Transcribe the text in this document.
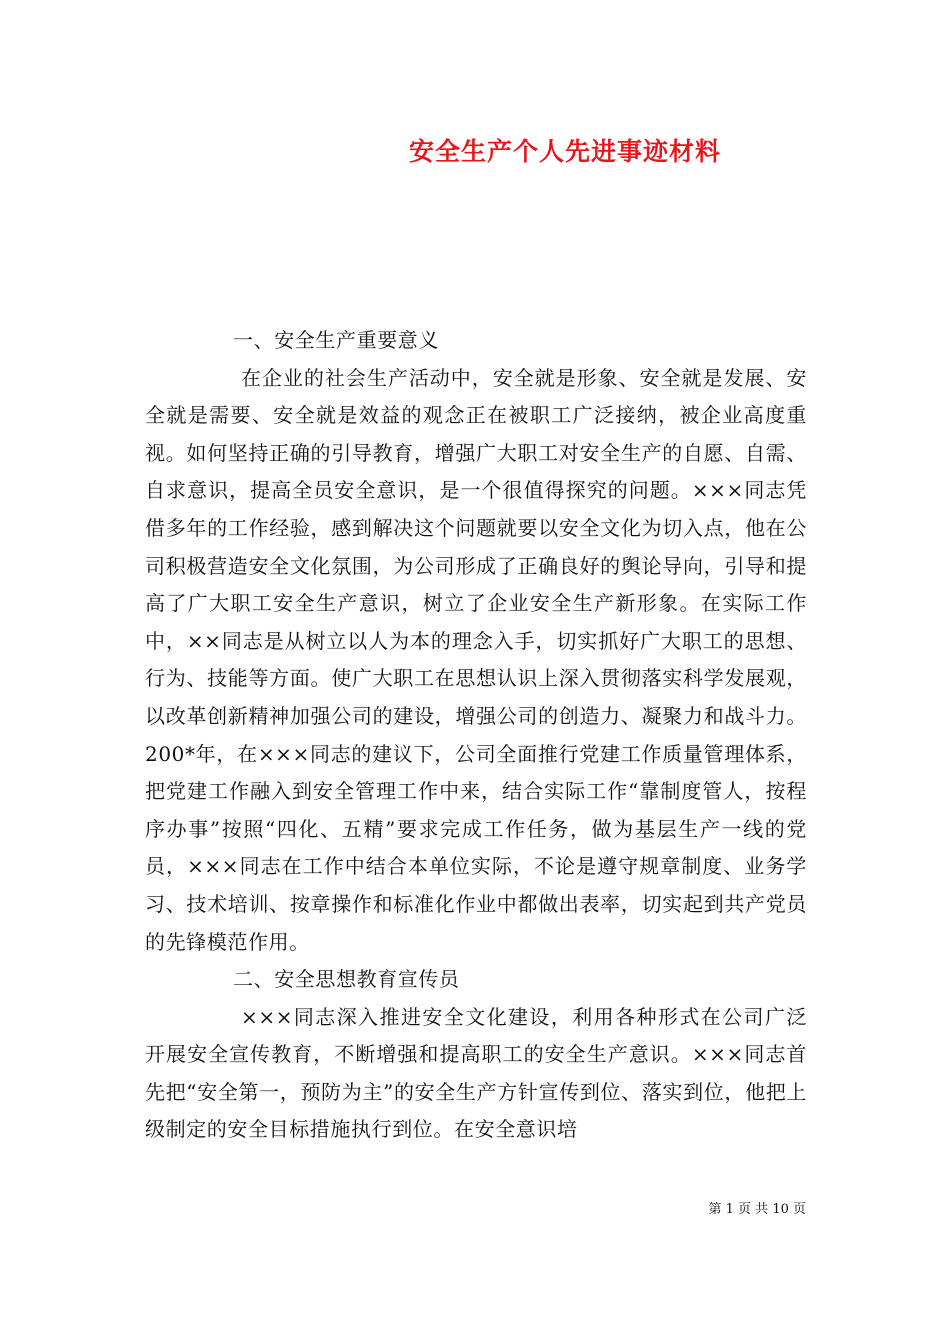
安全生产个人先进事迹材料

一、安全生产重要意义

在企业的社会生产活动中，安全就是形象、安全就是发展、安全就是需要、安全就是效益的观念正在被职工广泛接纳，被企业高度重视。如何坚持正确的引导教育，增强广大职工对安全生产的自愿、自需、自求意识，提高全员安全意识，是一个很值得探究的问题。×××同志凭借多年的工作经验，感到解决这个问题就要以安全文化为切入点，他在公司积极营造安全文化氛围，为公司形成了正确良好的舆论导向，引导和提高了广大职工安全生产意识，树立了企业安全生产新形象。在实际工作中，××同志是从树立以人为本的理念入手，切实抓好广大职工的思想、行为、技能等方面。使广大职工在思想认识上深入贯彻落实科学发展观，以改革创新精神加强公司的建设，增强公司的创造力、凝聚力和战斗力。200*年，在×××同志的建议下，公司全面推行党建工作质量管理体系，把党建工作融入到安全管理工作中来，结合实际工作“靠制度管人，按程序办事”按照“四化、五精”要求完成工作任务，做为基层生产一线的党员，×××同志在工作中结合本单位实际，不论是遵守规章制度、业务学习、技术培训、按章操作和标准化作业中都做出表率，切实起到共产党员的先锋模范作用。

二、安全思想教育宣传员

×××同志深入推进安全文化建设，利用各种形式在公司广泛开展安全宣传教育，不断增强和提高职工的安全生产意识。×××同志首先把“安全第一，预防为主”的安全生产方针宣传到位、落实到位，他把上级制定的安全目标措施执行到位。在安全意识培

第 1 页 共 10 页
